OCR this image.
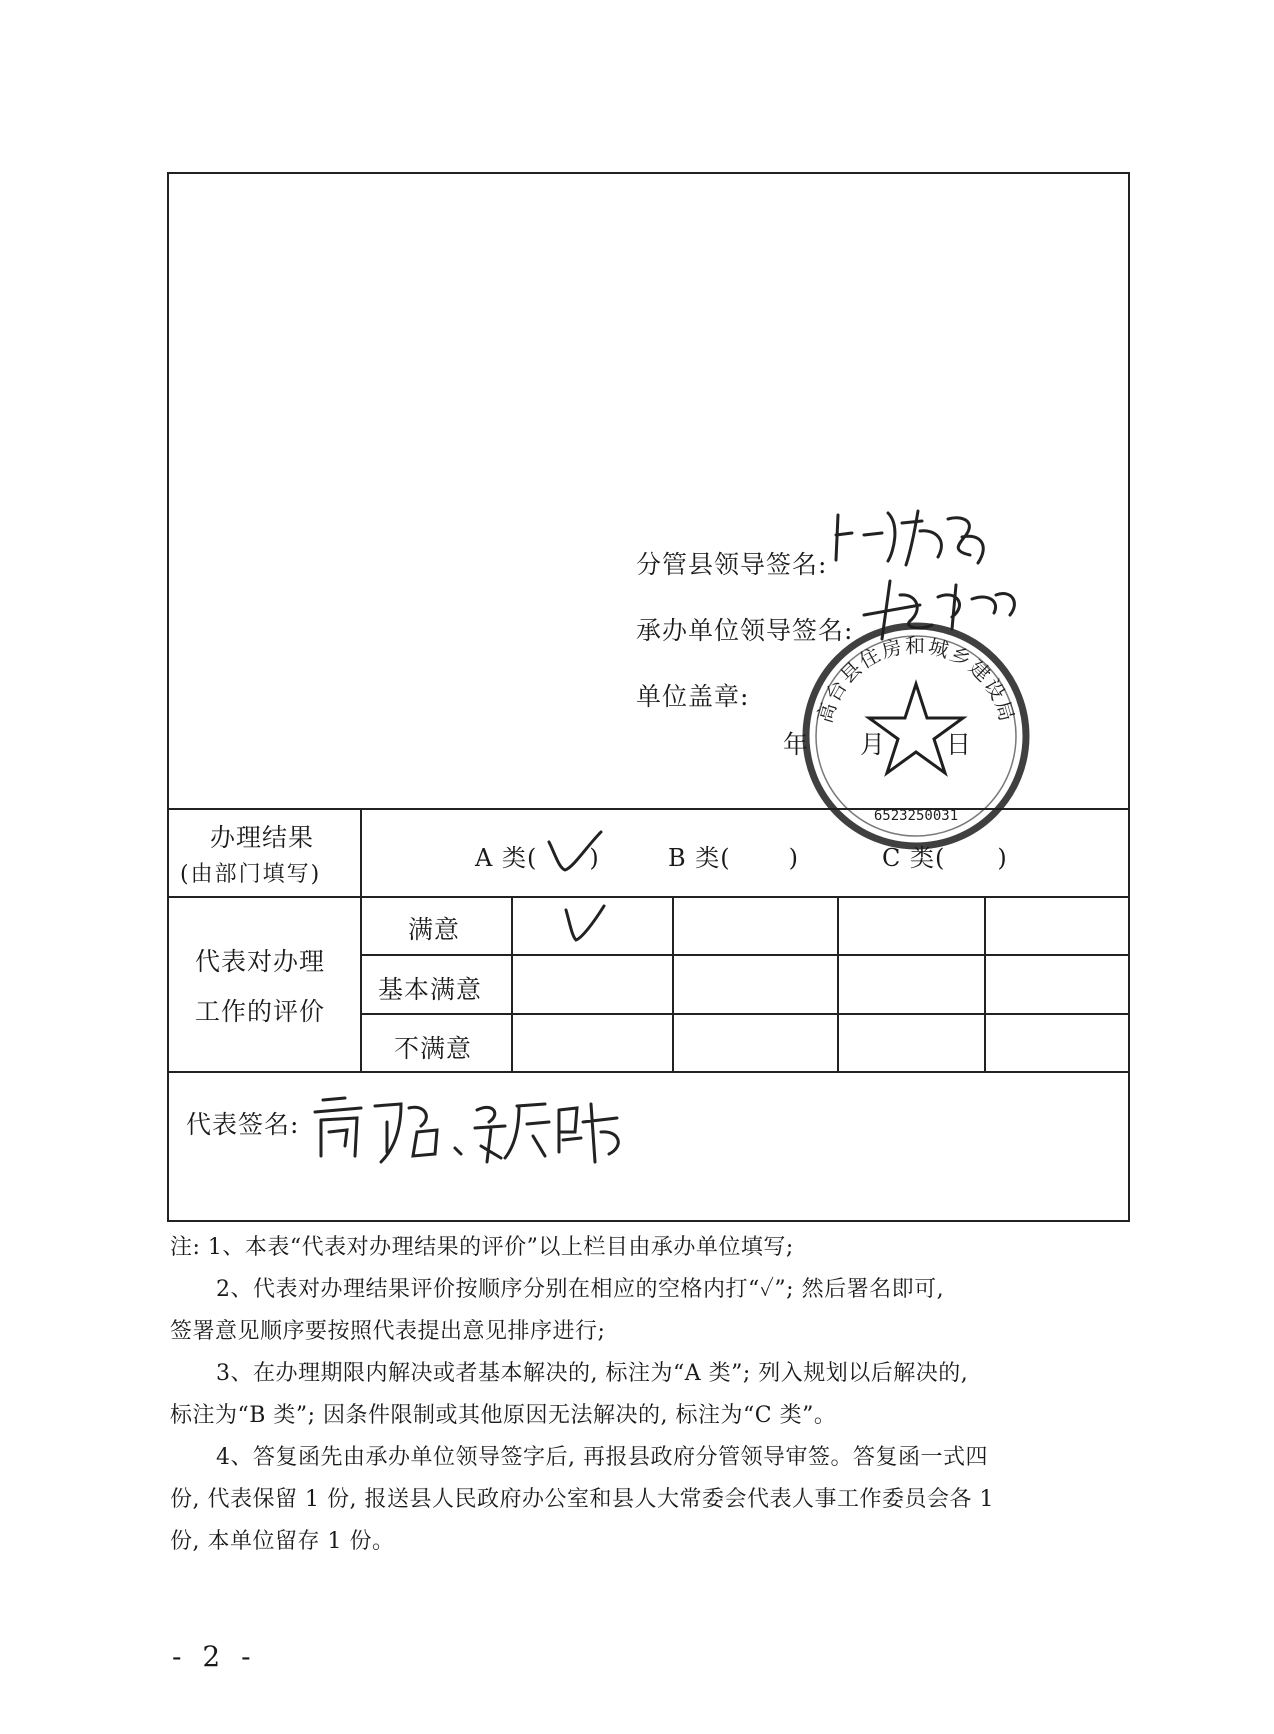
分管县领导签名:
承办单位领导签名:
单位盖章:
年 月 日
高台县住房和城乡建设局
6523250031
办理结果
(由部门填写)
A 类( )	B 类( )	C 类( )
代表对办理
工作的评价
满意
基本满意
不满意
代表签名:
注: 1、本表“代表对办理结果的评价”以上栏目由承办单位填写;
2、代表对办理结果评价按顺序分别在相应的空格内打“✓”; 然后署名即可,
签署意见顺序要按照代表提出意见排序进行;
3、在办理期限内解决或者基本解决的, 标注为“A 类”; 列入规划以后解决的,
标注为“B 类”; 因条件限制或其他原因无法解决的, 标注为“C 类”。
4、答复函先由承办单位领导签字后, 再报县政府分管领导审签。答复函一式四
份, 代表保留 1 份, 报送县人民政府办公室和县人大常委会代表人事工作委员会各 1
份, 本单位留存 1 份。
- 2 -
